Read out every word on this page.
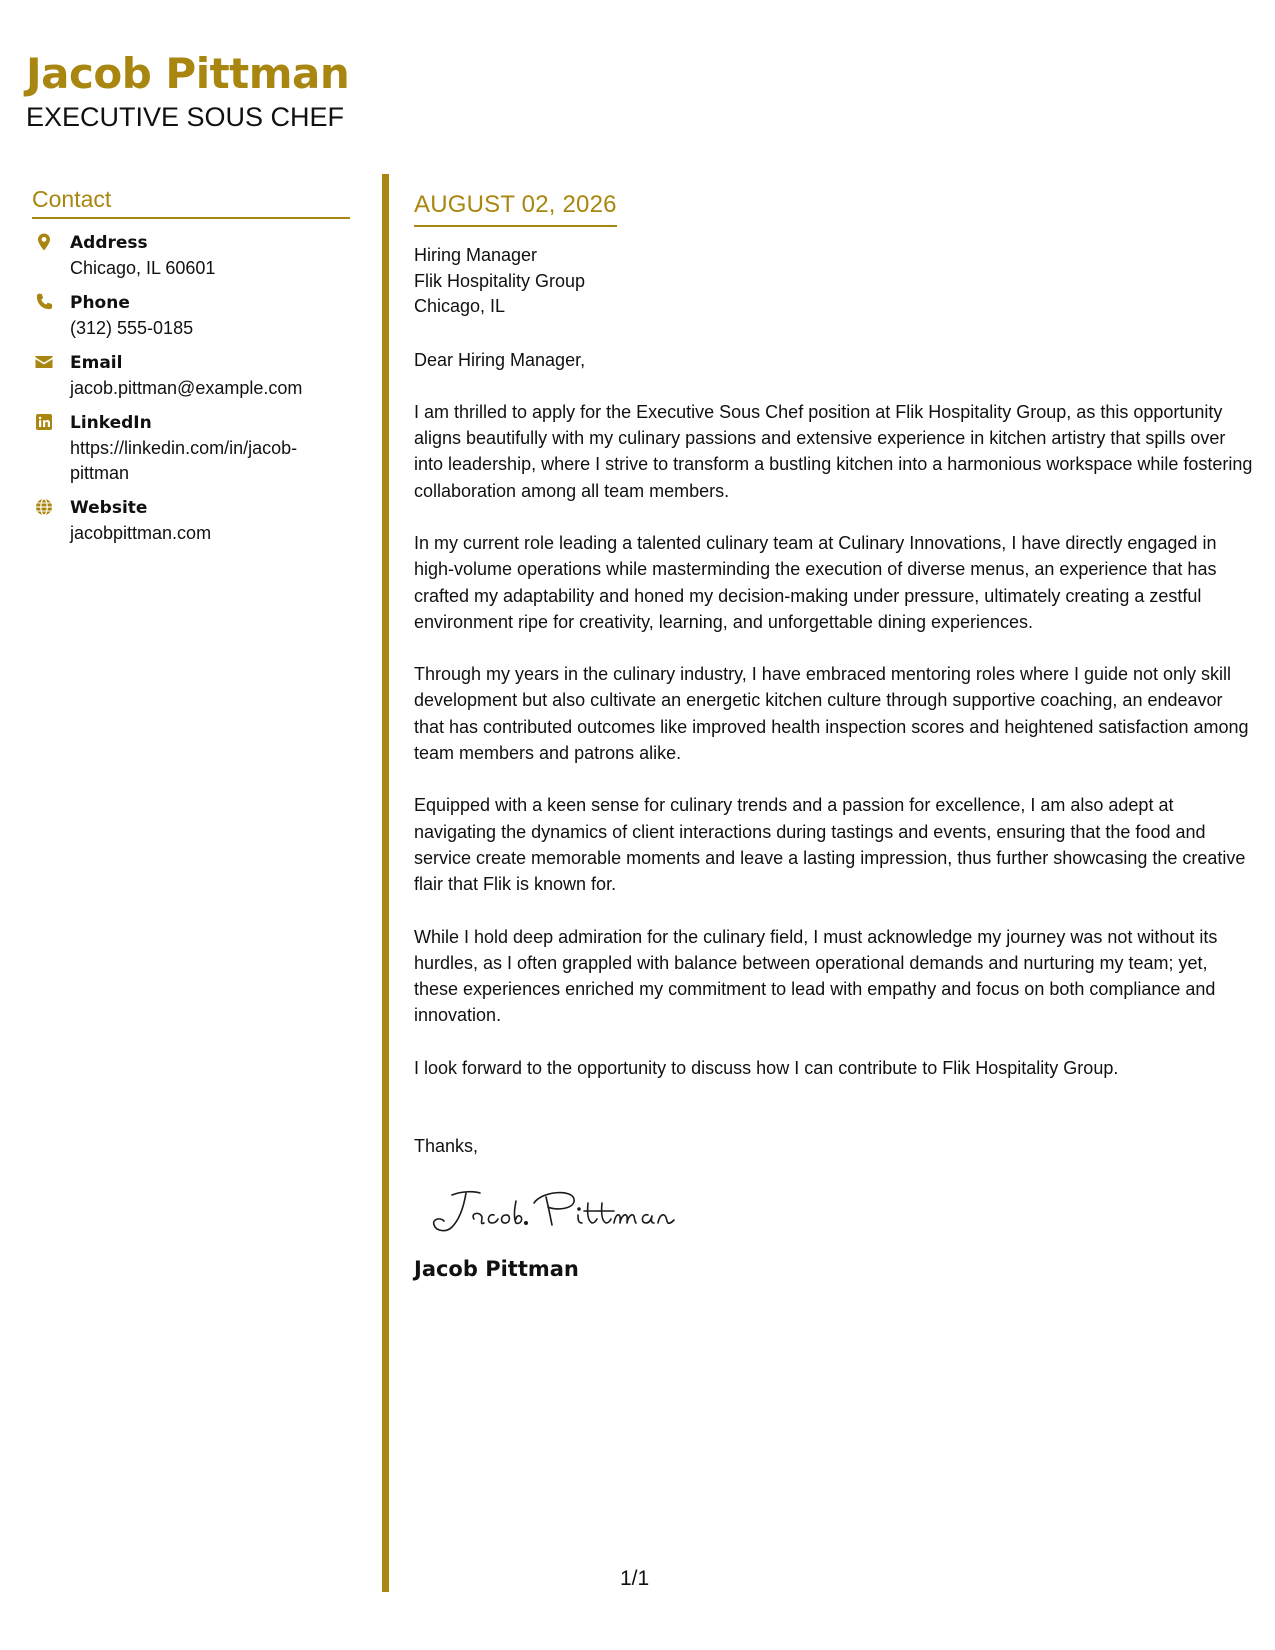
Jacob Pittman
EXECUTIVE SOUS CHEF
Contact
Address
Chicago, IL 60601
Phone
(312) 555-0185
Email
jacob.pittman@example.com
LinkedIn
https://linkedin.com/in/jacob-pittman
Website
jacobpittman.com
AUGUST 02, 2026
Hiring Manager
Flik Hospitality Group
Chicago, IL
Dear Hiring Manager,
I am thrilled to apply for the Executive Sous Chef position at Flik Hospitality Group, as this opportunity aligns beautifully with my culinary passions and extensive experience in kitchen artistry that spills over into leadership, where I strive to transform a bustling kitchen into a harmonious workspace while fostering collaboration among all team members.
In my current role leading a talented culinary team at Culinary Innovations, I have directly engaged in high-volume operations while masterminding the execution of diverse menus, an experience that has crafted my adaptability and honed my decision-making under pressure, ultimately creating a zestful environment ripe for creativity, learning, and unforgettable dining experiences.
Through my years in the culinary industry, I have embraced mentoring roles where I guide not only skill development but also cultivate an energetic kitchen culture through supportive coaching, an endeavor that has contributed outcomes like improved health inspection scores and heightened satisfaction among team members and patrons alike.
Equipped with a keen sense for culinary trends and a passion for excellence, I am also adept at navigating the dynamics of client interactions during tastings and events, ensuring that the food and service create memorable moments and leave a lasting impression, thus further showcasing the creative flair that Flik is known for.
While I hold deep admiration for the culinary field, I must acknowledge my journey was not without its hurdles, as I often grappled with balance between operational demands and nurturing my team; yet, these experiences enriched my commitment to lead with empathy and focus on both compliance and innovation.
I look forward to the opportunity to discuss how I can contribute to Flik Hospitality Group.
Thanks,
Jacob Pittman
1/1
